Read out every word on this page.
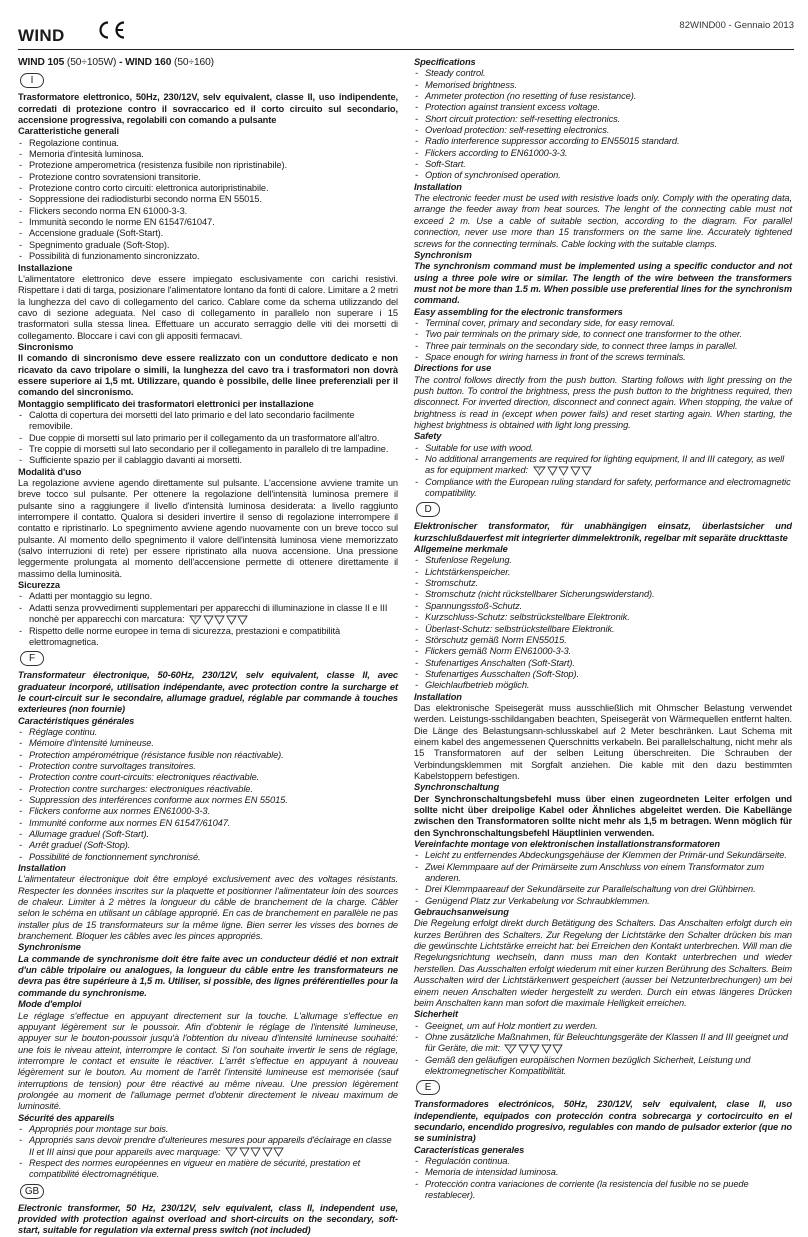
WIND
82WIND00 - Gennaio 2013
WIND 105 (50÷105W) - WIND 160 (50÷160)
I

Trasformatore elettronico, 50Hz, 230/12V, selv equivalent, classe II, uso indipendente, corredati di protezione contro il sovraccarico ed il corto circuito sul secondario, accensione progressiva, regolabili con comando a pulsante

Caratteristiche generali

- Regolazione continua.
- Memoria d'intesità luminosa.
- Protezione amperometrica (resistenza fusibile non ripristinabile).
- Protezione contro sovratensioni transitorie.
- Protezione contro corto circuiti: elettronica autoripristinabile.
- Soppressione dei radiodisturbi secondo norma EN 55015.
- Flickers secondo norma EN 61000-3-3.
- Immunità secondo le norme EN 61547/61047.
- Accensione graduale (Soft-Start).
- Spegnimento graduale (Soft-Stop).
- Possibilità di funzionamento sincronizzato.

Installazione

L'alimentatore elettronico deve essere impiegato esclusivamente con carichi resistivi. Rispettare i dati di targa, posizionare l'alimentatore lontano da fonti di calore. Limitare a 2 metri la lunghezza del cavo di collegamento del carico. Cablare come da schema utilizzando del cavo di sezione adeguata. Nel caso di collegamento in parallelo non superare i 15 trasformatori sulla stessa linea. Effettuare un accurato serraggio delle viti dei morsetti di collegamento. Bloccare i cavi con gli appositi fermacavi.

Sincronismo

Il comando di sincronismo deve essere realizzato con un conduttore dedicato e non ricavato da cavo tripolare o simili, la lunghezza del cavo tra i trasformatori non dovrà essere superiore ai 1,5 mt. Utilizzare, quando è possibile, delle linee preferenziali per il comando del sincronismo.

Montaggio semplificato dei trasformatori elettronici per installazione

- Calotta di copertura dei morsetti del lato primario e del lato secondario facilmente removibile.
- Due coppie di morsetti sul lato primario per il collegamento da un trasformatore all'altro.
- Tre coppie di morsetti sul lato secondario per il collegamento in parallelo di tre lampadine.
- Sufficiente spazio per il cablaggio davanti ai morsetti.

Modalità d'uso

La regolazione avviene agendo direttamente sul pulsante. L'accensione avviene tramite un breve tocco sul pulsante. Per ottenere la regolazione dell'intensità luminosa premere il pulsante sino a raggiungere il livello d'intensità luminosa desiderata: a livello raggiunto interrompere il contatto. Qualora si desideri invertire il senso di regolazione interrompere il contatto e ripristinarlo. Lo spegnimento avviene agendo nuovamente con un breve tocco sul pulsante. Al momento dello spegnimento il valore dell'intensità luminosa viene memorizzato (salvo interruzioni di rete) per essere ripristinato alla nuova accensione. Una pressione leggermente prolungata al momento dell'accensione permette di ottenere direttamente il massimo della luminosità.

Sicurezza

- Adatti per montaggio su legno.
- Adatti senza provvedimenti supplementari per apparecchi di illuminazione in classe II e III nonchè per apparecchi con marcatura: F
- Rispetto delle norme europee in tema di sicurezza, prestazioni e compatibilità elettromagnetica.
F

Transformateur électronique, 50-60Hz, 230/12V, selv equivalent, classe II, avec graduateur incorporé, utilisation indépendante, avec protection contre la surcharge et le court-circuit sur le secondaire, allumage graduel, réglable par commande à touches exterieures (non fournie)

Caractéristiques générales

- Réglage continu.
- Mémoire d'intensité lumineuse.
- Protection ampérométrique (résistance fusible non réactivable).
- Protection contre survoltages transitoires.
- Protection contre court-circuits: electroniques réactivable.
- Protection contre surcharges: electroniques réactivable.
- Suppression des interférences conforme aux normes EN 55015.
- Flickers conforme aux normes EN61000-3-3.
- Immunité conforme aux normes EN 61547/61047.
- Allumage graduel (Soft-Start).
- Arrêt graduel (Soft-Stop).
- Possibilité de fonctionnement synchronisé.

Installation

L'alimentateur électronique doit être employé exclusivement avec des voltages résistants. Respecter les données inscrites sur la plaquette et positionner l'alimentateur loin des sources de chaleur. Limiter à 2 mètres la longueur du câble de branchement de la charge. Câbler selon le schéma en utilisant un câblage approprié. En cas de branchement en parallèle ne pas installer plus de 15 transformateurs sur la même ligne. Bien serrer les visses des bornes de branchement. Bloquer les câbles avec les pinces appropriés.

Synchronisme

La commande de synchronisme doit être faite avec un conducteur dédié et non extrait d'un câble tripolaire ou analogues, la longueur du câble entre les transformateurs ne devra pas être supérieure à 1,5 m. Utiliser, si possible, des lignes préférentielles pour la commande du synchronisme.

Mode d'emploi

Le réglage s'effectue en appuyant directement sur la touche. L'allumage s'effectue en appuyant légèrement sur le poussoir. Afin d'obtenir le réglage de l'intensité lumineuse, appuyer sur le bouton-poussoir jusqu'à l'obtention du niveau d'intensité lumineuse souhaité: une fois le niveau atteint, interrompre le contact. Si l'on souhaite invertir le sens de réglage, interrompre le contact et ensuite le réactiver. L'arrêt s'effectue en appuyant à nouveau légèrement sur le bouton. Au moment de l'arrêt l'intensité lumineuse est memorisée (sauf interruptions de tension) pour être réactivé au même niveau. Une pression légèrement prolongée au moment de l'allumage permet d'obtenir directement le niveau maximum de luminosité.

Sécurité des appareils

- Appropriés pour montage sur bois.
- Appropriés sans devoir prendre d'ulterieures mesures pour appareils d'éclairage en classe II et III ainsi que pour appareils avec marquage: F
- Respect des normes européennes en vigueur en matière de sécurité, prestation et compatibilité électromagnétique.
GB

Electronic transformer, 50 Hz, 230/12V, selv equivalent, class II, independent use, provided with protection against overload and short-circuits on the secondary, soft-start, suitable for regulation via external press switch (not included)

Specifications

- Steady control.
- Memorised brightness.
- Ammeter protection (no resetting of fuse resistance).
- Protection against transient excess voltage.
- Short circuit protection: self-resetting electronics.
- Overload protection: self-resetting electronics.
- Radio interference suppressor according to EN55015 standard.
- Flickers according to EN61000-3-3.
- Soft-Start.
- Option of synchronised operation.

Installation

The electronic feeder must be used with resistive loads only. Comply with the operating data, arrange the feeder away from heat sources. The lenght of the connecting cable must not exceed 2 m. Use a cable of suitable section, according to the diagram. For parallel connection, never use more than 15 transformers on the same line. Accurately tightened screws for the connecting terminals. Cable locking with the suitable clamps.

Synchronism

The synchronism command must be implemented using a specific conductor and not using a three pole wire or similar. The length of the wire between the transformers must not be more than 1.5 m. When possible use preferential lines for the synchronism command.

Easy assembling for the electronic transformers

- Terminal cover, primary and secondary side, for easy removal.
- Two pair terminals on the primary side, to connect one transformer to the other.
- Three pair terminals on the secondary side, to connect three lamps in parallel.
- Space enough for wiring harness in front of the screws terminals.

Directions for use

The control follows directly from the push button. Starting follows with light pressing on the push button. To control the brightness, press the push button to the brightness required, then disconnect. For inverted direction, disconnect and connect again. When stopping, the value of brightness is read in (except when power fails) and reset starting again. When starting, the highest brightness is obtained with light long pressing.

Safety

- Suitable for use with wood.
- No additional arrangements are required for lighting equipment, II and III category, as well as for equipment marked: F
- Compliance with the European ruling standard for safety, performance and electromagnetic compatibility.
D

Elektronischer transformator, für unabhängigen einsatz, überlastsicher und kurzschlußdauerfest mit integrierter dimmelektronik, regelbar mit separäte druckttaste

Allgemeine merkmale

- Stufenlose Regelung.
- Lichtstärkenspeicher.
- Stromschutz.
- Stromschutz (nicht rückstellbarer Sicherungswiderstand).
- Spannungsstoß-Schutz.
- Kurzschluss-Schutz: selbstrückstellbare Elektronik.
- Überlast-Schutz: selbstrückstellbare Elektronik.
- Störschutz gemäß Norm EN55015.
- Flickers gemäß Norm EN61000-3-3.
- Stufenartiges Anschalten (Soft-Start).
- Stufenartiges Ausschalten (Soft-Stop).
- Gleichlaufbetrieb möglich.

Installation

Das elektronische Speisegerät muss ausschließlich mit Ohmscher Belastung verwendet werden. Leistungs-sschildangaben beachten, Speisegerät von Wärmequellen entfernt halten. Die Länge des Belastungsann-schlusskabel auf 2 Meter beschränken. Laut Schema mit einem kabel des angemessenen Querschnitts verkabeln. Bei parallelschaltung, nicht mehr als 15 Transformatoren auf der selben Leitung überschreiten. Die Schrauben der Verbindungsklemmen mit Sorgfalt anziehen. Die kable mit den dazu bestimmten Kabelstoppern befestigen.

Synchronschaltung

Der Synchronschaltungsbefehl muss über einen zugeordneten Leiter erfolgen und sollte nicht über dreipolige Kabel oder Ähnliches abgeleitet werden. Die Kabellänge zwischen den Transformatoren sollte nicht mehr als 1,5 m betragen. Wenn möglich für den Synchronschaltungsbefehl Häuptlinien verwenden.

Vereinfachte montage von elektronischen installationstransformatoren

- Leicht zu entfernendes Abdeckungsgehäuse der Klemmen der Primär-und Sekundärseite.
- Zwei Klemmpaare auf der Primärseite zum Anschluss von einem Transformator zum anderen.
- Drei Klemmpaareauf der Sekundärseite zur Parallelschaltung von drei Glühbirnen.
- Genügend Platz zur Verkabelung vor Schraubklemmen.

Gebrauchsanweisung

Die Regelung erfolgt direkt durch Betätigung des Schalters. Das Anschalten erfolgt durch ein kurzes Berühren des Schalters. Zur Regelung der Lichtstärke den Schalter drücken bis man die gewünschte Lichtstärke erreicht hat: bei Erreichen den Kontakt unterbrechen. Will man die Regelungsrichtung wechseln, dann muss man den Kontakt unterbrechen und wieder herstellen. Das Ausschalten erfolgt wiederum mit einer kurzen Berührung des Schalters. Beim Ausschalten wird der Lichtstärkenwert gespeichert (ausser bei Netzunterbrechungen) um bei einem neuen Anschalten wieder hergestellt zu werden. Durch ein etwas längeres Drücken beim Anschalten kann man sofort die maximale Helligkeit erreichen.

Sicherheit

- Geeignet, um auf Holz montiert zu werden.
- Ohne zusätzliche Maßnahmen, für Beleuchtungsgeräte der Klassen II and III geeignet und für Geräte, die mit: F
- Gemäß den geläufigen europäischen Normen bezüglich Sicherheit, Leistung und elektromegnetischer Kompatibilität.
E

Transformadores electrónicos, 50Hz, 230/12V, selv equivalent, clase II, uso independiente, equipados con protección contra sobrecarga y cortocircuito en el secundario, encendido progresivo, regulables con mando de pulsador exterior (que no se suministra)

Características generales

- Regulación continua.
- Memoria de intensidad luminosa.
- Protección contra variaciones de corriente (la resistencia del fusible no se puede restablecer).
